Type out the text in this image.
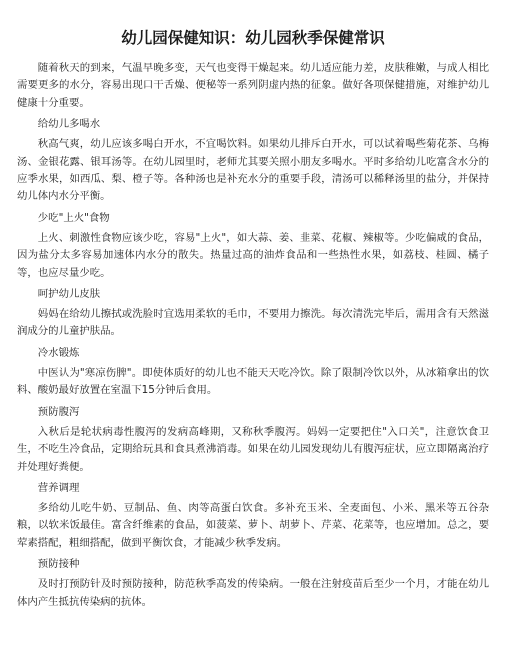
幼儿园保健知识：幼儿园秋季保健常识

随着秋天的到来，气温早晚多变，天气也变得干燥起来。幼儿适应能力差，皮肤稚嫩，与成人相比需要更多的水分，容易出现口干舌燥、便秘等一系列阴虚内热的征象。做好各项保健措施，对维护幼儿健康十分重要。

给幼儿多喝水

秋高气爽，幼儿应该多喝白开水，不宜喝饮料。如果幼儿排斥白开水，可以试着喝些菊花茶、乌梅汤、金银花露、银耳汤等。在幼儿园里时，老师尤其要关照小朋友多喝水。平时多给幼儿吃富含水分的应季水果，如西瓜、梨、橙子等。各种汤也是补充水分的重要手段，清汤可以稀释汤里的盐分，并保持幼儿体内水分平衡。

少吃"上火"食物

上火、刺激性食物应该少吃，容易"上火"，如大蒜、姜、韭菜、花椒、辣椒等。少吃偏咸的食品，因为盐分太多容易加速体内水分的散失。热量过高的油炸食品和一些热性水果，如荔枝、桂圆、橘子等，也应尽量少吃。

呵护幼儿皮肤

妈妈在给幼儿擦拭或洗脸时宜选用柔软的毛巾，不要用力擦洗。每次清洗完毕后，需用含有天然滋润成分的儿童护肤品。

冷水锻炼

中医认为"寒凉伤脾"。即使体质好的幼儿也不能天天吃冷饮。除了限制冷饮以外，从冰箱拿出的饮料、酸奶最好放置在室温下15分钟后食用。

预防腹泻

入秋后是轮状病毒性腹泻的发病高峰期，又称秋季腹泻。妈妈一定要把住"入口关"，注意饮食卫生，不吃生冷食品，定期给玩具和食具煮沸消毒。如果在幼儿园发现幼儿有腹泻症状，应立即隔离治疗并处理好粪便。

营养调理

多给幼儿吃牛奶、豆制品、鱼、肉等高蛋白饮食。多补充玉米、全麦面包、小米、黑米等五谷杂粮，以软米饭最佳。富含纤维素的食品，如菠菜、萝卜、胡萝卜、芹菜、花菜等，也应增加。总之，要荤素搭配，粗细搭配，做到平衡饮食，才能减少秋季发病。

预防接种

及时打预防针及时预防接种，防范秋季高发的传染病。一般在注射疫苗后至少一个月，才能在幼儿体内产生抵抗传染病的抗体。
